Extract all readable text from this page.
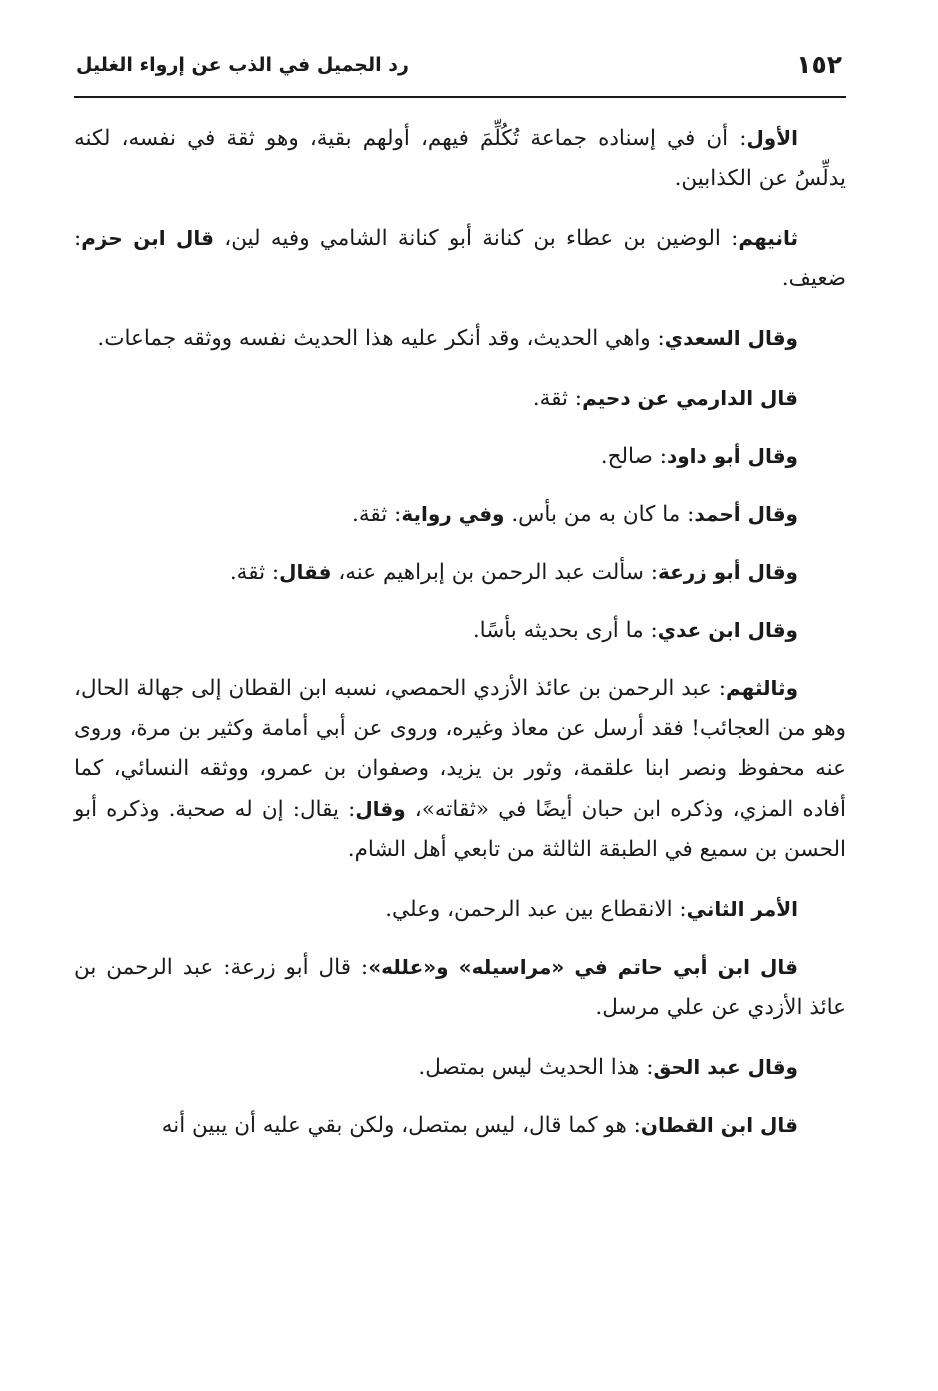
١٥٢
رد الجميل في الذب عن إرواء الغليل

الأول: أن في إسناده جماعة تُكُلِّمَ فيهم، أولهم بقية، وهو ثقة في نفسه، لكنه يدلِّسُ عن الكذابين.

ثانيهم: الوضين بن عطاء بن كنانة أبو كنانة الشامي وفيه لين، قال ابن حزم: ضعيف.

وقال السعدي: واهي الحديث، وقد أنكر عليه هذا الحديث نفسه ووثقه جماعات.

قال الدارمي عن دحيم: ثقة.

وقال أبو داود: صالح.

وقال أحمد: ما كان به من بأس. وفي رواية: ثقة.

وقال أبو زرعة: سألت عبد الرحمن بن إبراهيم عنه، فقال: ثقة.

وقال ابن عدي: ما أرى بحديثه بأسًا.

وثالثهم: عبد الرحمن بن عائذ الأزدي الحمصي، نسبه ابن القطان إلى جهالة الحال، وهو من العجائب! فقد أرسل عن معاذ وغيره، وروى عن أبي أمامة وكثير بن مرة، وروى عنه محفوظ ونصر ابنا علقمة، وثور بن يزيد، وصفوان بن عمرو، ووثقه النسائي، كما أفاده المزي، وذكره ابن حبان أيضًا في «ثقاته»، وقال: يقال: إن له صحبة. وذكره أبو الحسن بن سميع في الطبقة الثالثة من تابعي أهل الشام.

الأمر الثاني: الانقطاع بين عبد الرحمن، وعلي.

قال ابن أبي حاتم في «مراسيله» و«علله»: قال أبو زرعة: عبد الرحمن بن عائذ الأزدي عن علي مرسل.

وقال عبد الحق: هذا الحديث ليس بمتصل.

قال ابن القطان: هو كما قال، ليس بمتصل، ولكن بقي عليه أن يبين أنه
